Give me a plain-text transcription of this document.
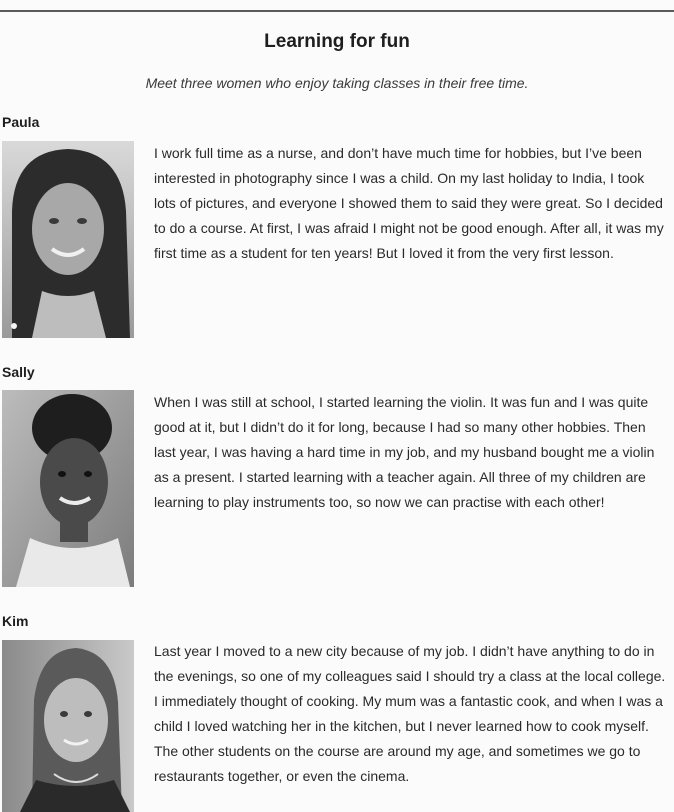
Learning for fun
Meet three women who enjoy taking classes in their free time.
Paula
I work full time as a nurse, and don’t have much time for hobbies, but I’ve been interested in photography since I was a child. On my last holiday to India, I took lots of pictures, and everyone I showed them to said they were great. So I decided to do a course. At first, I was afraid I might not be good enough. After all, it was my first time as a student for ten years! But I loved it from the very first lesson.
Sally
When I was still at school, I started learning the violin. It was fun and I was quite good at it, but I didn’t do it for long, because I had so many other hobbies. Then last year, I was having a hard time in my job, and my husband bought me a violin as a present. I started learning with a teacher again. All three of my children are learning to play instruments too, so now we can practise with each other!
Kim
Last year I moved to a new city because of my job. I didn’t have anything to do in the evenings, so one of my colleagues said I should try a class at the local college. I immediately thought of cooking. My mum was a fantastic cook, and when I was a child I loved watching her in the kitchen, but I never learned how to cook myself. The other students on the course are around my age, and sometimes we go to restaurants together, or even the cinema.
